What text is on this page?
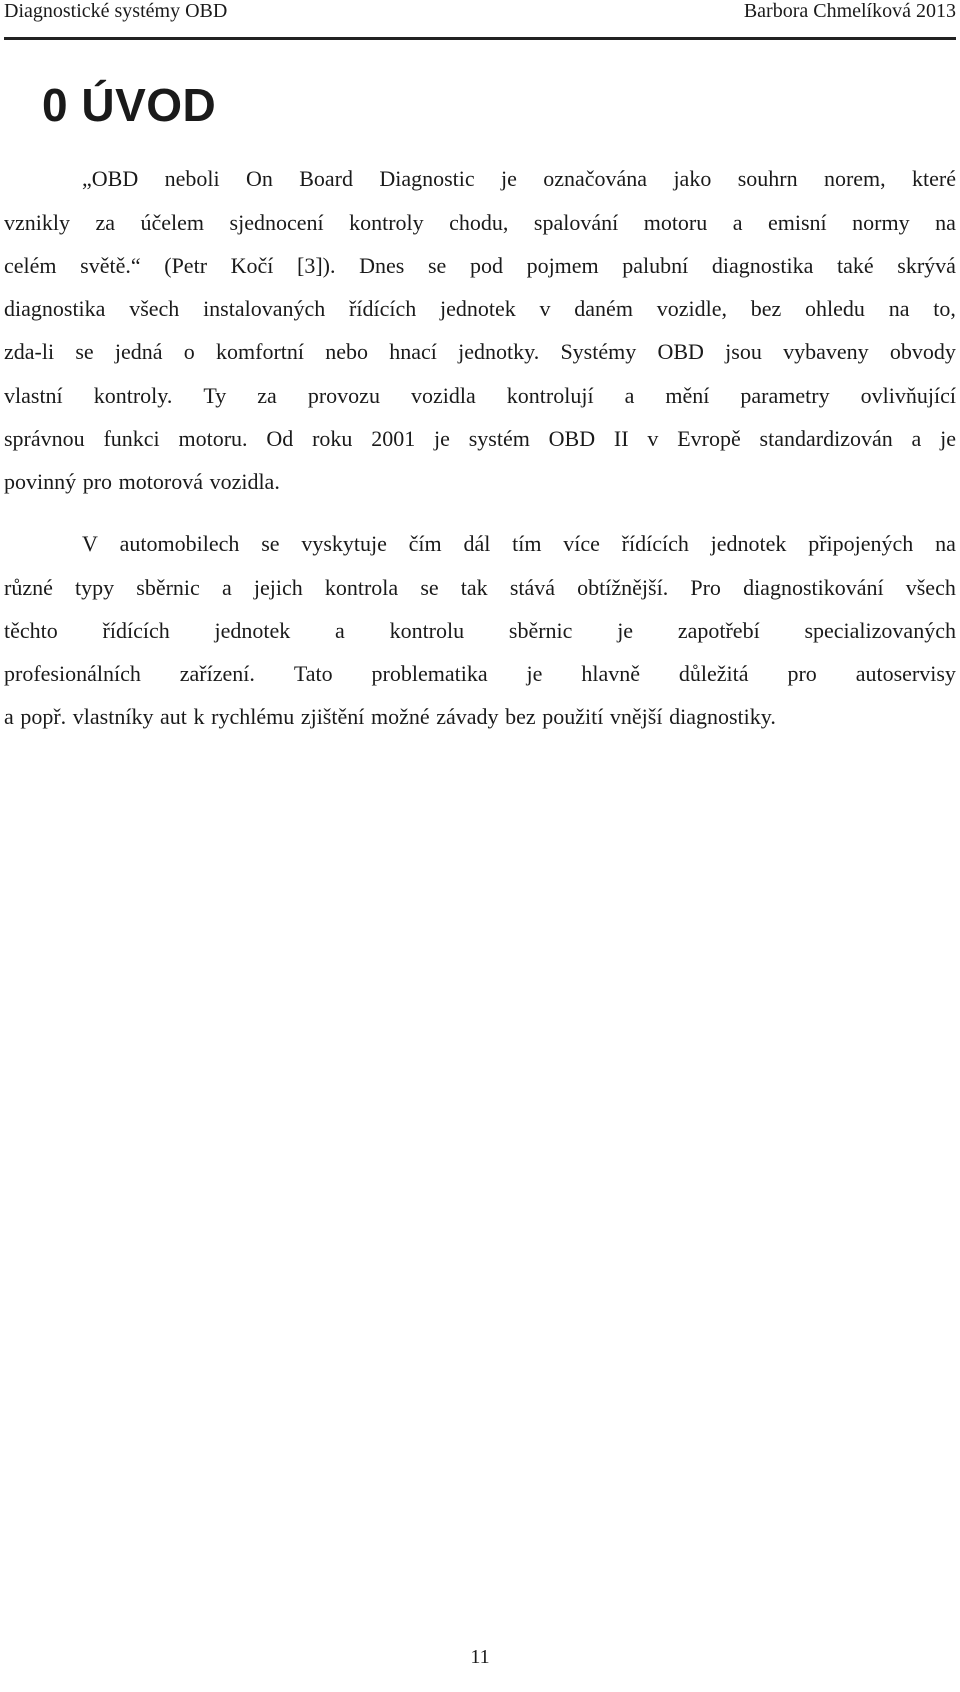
Diagnostické systémy OBD	Barbora Chmelíková 2013
0 ÚVOD
„OBD neboli On Board Diagnostic je označována jako souhrn norem, které
vznikly za účelem sjednocení kontroly chodu, spalování motoru a emisní normy na
celém světě.“ (Petr Kočí [3]). Dnes se pod pojmem palubní diagnostika také skrývá
diagnostika všech instalovaných řídících jednotek v daném vozidle, bez ohledu na to,
zda-li se jedná o komfortní nebo hnací jednotky. Systémy OBD jsou vybaveny obvody
vlastní kontroly. Ty za provozu vozidla kontrolují a mění parametry ovlivňující
správnou funkci motoru. Od roku 2001 je systém OBD II v Evropě standardizován a je
povinný pro motorová vozidla.
V automobilech se vyskytuje čím dál tím více řídících jednotek připojených na
různé typy sběrnic a jejich kontrola se tak stává obtížnější. Pro diagnostikování všech
těchto řídících jednotek a kontrolu sběrnic je zapotřebí specializovaných
profesionálních zařízení. Tato problematika je hlavně důležitá pro autoservisy
a popř. vlastníky aut k rychlému zjištění možné závady bez použití vnější diagnostiky.
11
